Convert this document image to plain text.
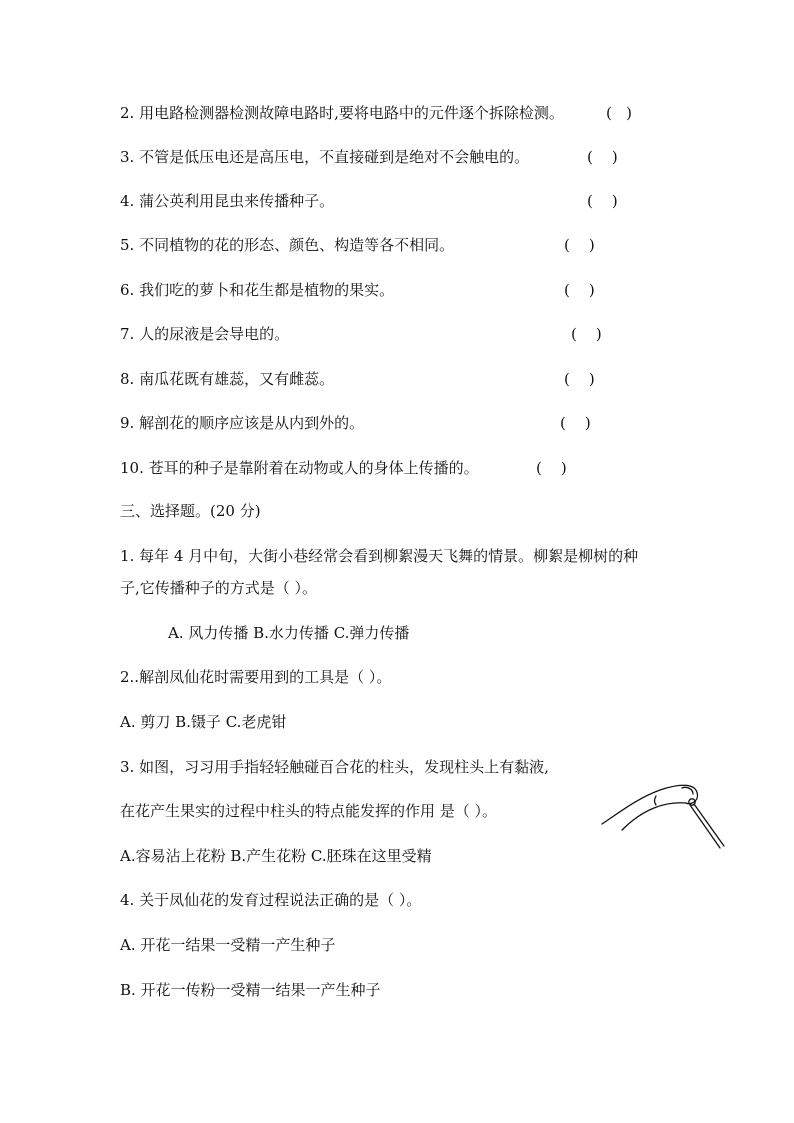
2. 用电路检测器检测故障电路时,要将电路中的元件逐个拆除检测。	(   )
3. 不管是低压电还是高压电，不直接碰到是绝对不会触电的。	(    )
4. 蒲公英利用昆虫来传播种子。	(    )
5. 不同植物的花的形态、颜色、构造等各不相同。	(    )
6. 我们吃的萝卜和花生都是植物的果实。	(    )
7. 人的尿液是会导电的。	(    )
8. 南瓜花既有雄蕊，又有雌蕊。	(    )
9. 解剖花的顺序应该是从内到外的。	(    )
10. 苍耳的种子是靠附着在动物或人的身体上传播的。	(    )
三、选择题。(20 分)
1. 每年 4 月中旬，大街小巷经常会看到柳絮漫天飞舞的情景。柳絮是柳树的种
子,它传播种子的方式是（ ）。
A. 风力传播 B.水力传播 C.弹力传播
2..解剖凤仙花时需要用到的工具是（ ）。
A. 剪刀 B.镊子 C.老虎钳
3. 如图，习习用手指轻轻触碰百合花的柱头，发现柱头上有黏液,
在花产生果实的过程中柱头的特点能发挥的作用 是（ ）。
A.容易沾上花粉 B.产生花粉 C.胚珠在这里受精
4. 关于凤仙花的发育过程说法正确的是（ ）。
A. 开花一结果一受精一产生种子
B. 开花一传粉一受精一结果一产生种子
